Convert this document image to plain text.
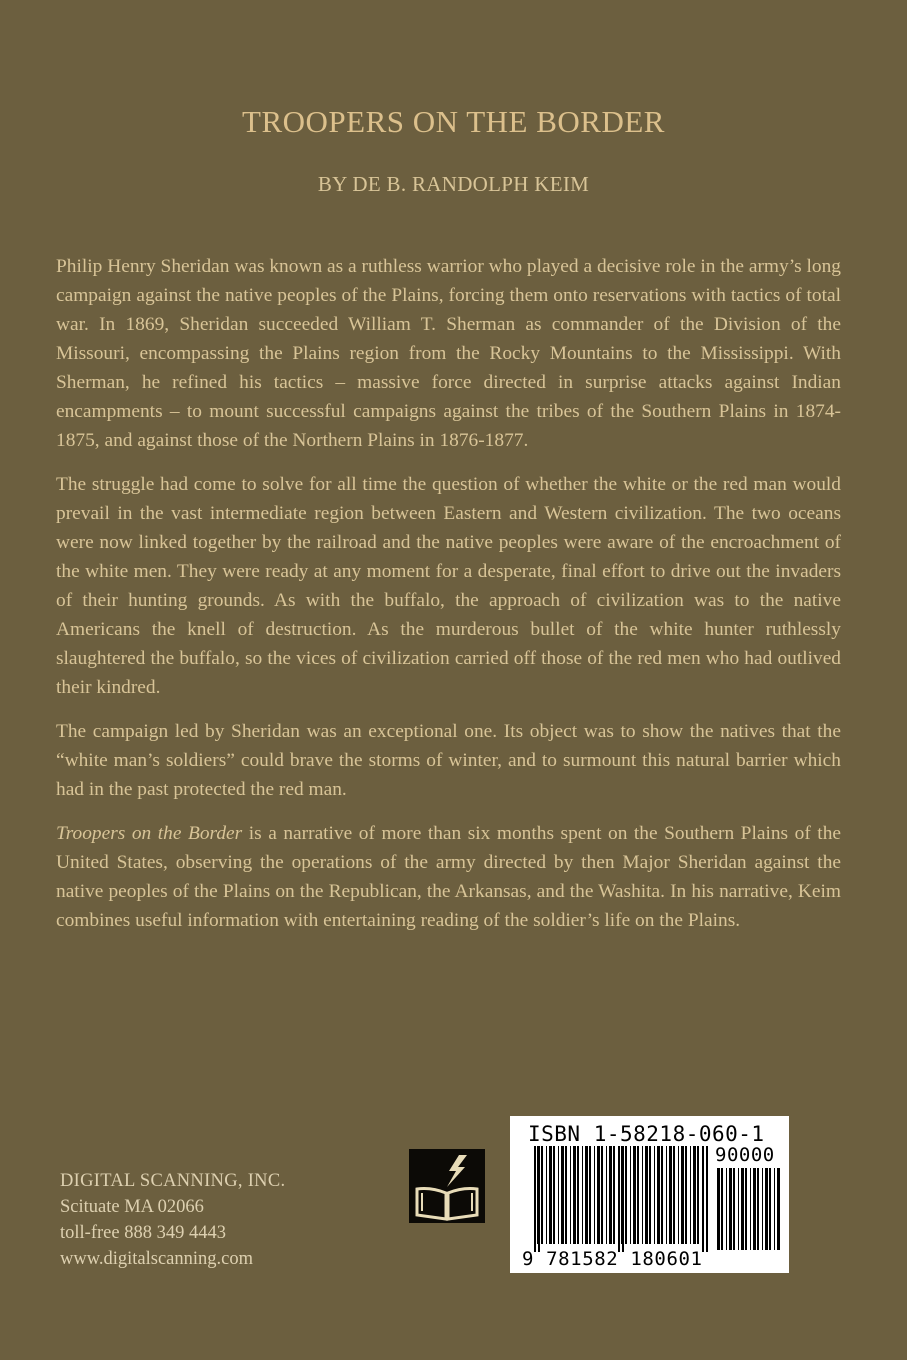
TROOPERS ON THE BORDER
BY DE B. RANDOLPH KEIM

Philip Henry Sheridan was known as a ruthless warrior who played a decisive role in the army’s long campaign against the native peoples of the Plains, forcing them onto reservations with tactics of total war. In 1869, Sheridan succeeded William T. Sherman as commander of the Division of the Missouri, encompassing the Plains region from the Rocky Mountains to the Mississippi. With Sherman, he refined his tactics – massive force directed in surprise attacks against Indian encampments – to mount successful campaigns against the tribes of the Southern Plains in 1874-1875, and against those of the Northern Plains in 1876-1877.

The struggle had come to solve for all time the question of whether the white or the red man would prevail in the vast intermediate region between Eastern and Western civilization. The two oceans were now linked together by the railroad and the native peoples were aware of the encroachment of the white men. They were ready at any moment for a desperate, final effort to drive out the invaders of their hunting grounds. As with the buffalo, the approach of civilization was to the native Americans the knell of destruction. As the murderous bullet of the white hunter ruthlessly slaughtered the buffalo, so the vices of civilization carried off those of the red men who had outlived their kindred.

The campaign led by Sheridan was an exceptional one. Its object was to show the natives that the “white man’s soldiers” could brave the storms of winter, and to surmount this natural barrier which had in the past protected the red man.

Troopers on the Border is a narrative of more than six months spent on the Southern Plains of the United States, observing the operations of the army directed by then Major Sheridan against the native peoples of the Plains on the Republican, the Arkansas, and the Washita. In his narrative, Keim combines useful information with entertaining reading of the soldier’s life on the Plains.

DIGITAL SCANNING, INC.
Scituate MA 02066
toll-free 888 349 4443
www.digitalscanning.com
ISBN 1-58218-060-1
90000
9 781582 180601
